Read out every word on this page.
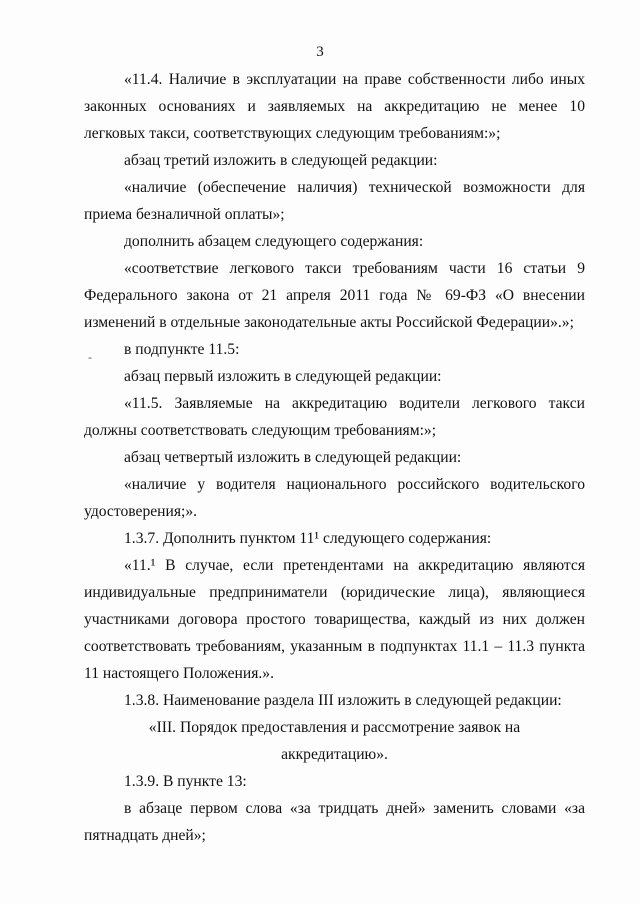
3
-

«11.4. Наличие в эксплуатации на праве собственности либо иных законных основаниях и заявляемых на аккредитацию не менее 10 легковых такси, соответствующих следующим требованиям:»;

абзац третий изложить в следующей редакции:

«наличие (обеспечение наличия) технической возможности для приема безналичной оплаты»;

дополнить абзацем следующего содержания:

«соответствие легкового такси требованиям части 16 статьи 9 Федерального закона от 21 апреля 2011 года № 69-ФЗ «О внесении изменений в отдельные законодательные акты Российской Федерации».»;

в подпункте 11.5:

абзац первый изложить в следующей редакции:

«11.5. Заявляемые на аккредитацию водители легкового такси должны соответствовать следующим требованиям:»;

абзац четвертый изложить в следующей редакции:

«наличие у водителя национального российского водительского удостоверения;».

1.3.7. Дополнить пунктом 11¹ следующего содержания:

«11.¹ В случае, если претендентами на аккредитацию являются индивидуальные предприниматели (юридические лица), являющиеся участниками договора простого товарищества, каждый из них должен соответствовать требованиям, указанным в подпунктах 11.1 – 11.3 пункта 11 настоящего Положения.».

1.3.8. Наименование раздела III изложить в следующей редакции:

«III. Порядок предоставления и рассмотрение заявок на аккредитацию».

1.3.9. В пункте 13:

в абзаце первом слова «за тридцать дней» заменить словами «за пятнадцать дней»;
